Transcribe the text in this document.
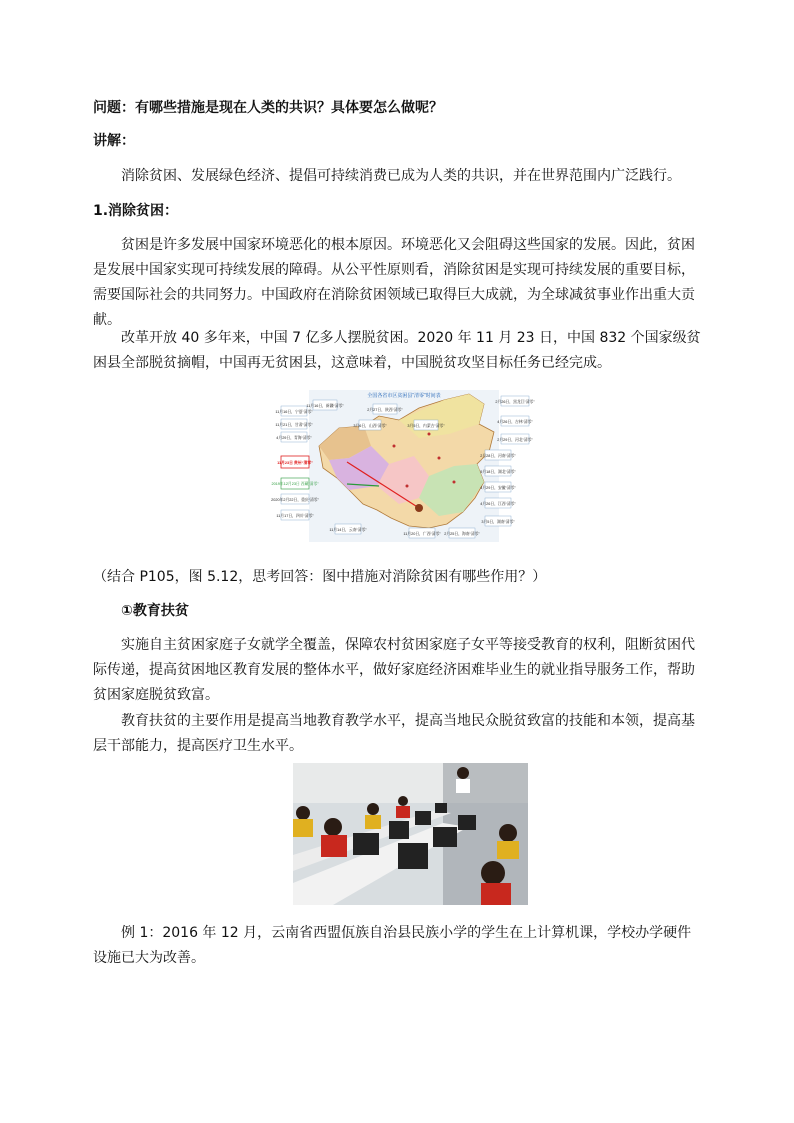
问题：有哪些措施是现在人类的共识？具体要怎么做呢？

讲解：

消除贫困、发展绿色经济、提倡可持续消费已成为人类的共识，并在世界范围内广泛践行。

1.消除贫困：

贫困是许多发展中国家环境恶化的根本原因。环境恶化又会阻碍这些国家的发展。因此，贫困是发展中国家实现可持续发展的障碍。从公平性原则看，消除贫困是实现可持续发展的重要目标，需要国际社会的共同努力。中国政府在消除贫困领域已取得巨大成就，为全球减贫事业作出重大贡献。

改革开放 40 多年来，中国 7 亿多人摆脱贫困。2020 年 11 月 23 日，中国 832 个国家级贫困县全部脱贫摘帽，中国再无贫困县，这意味着，中国脱贫攻坚目标任务已经完成。

全国各省市区贫困县“清零”时间表
11月16日，宁夏“清零”
11月21日，甘肃“清零”
4月29日，青海“清零”
11月23日 贵州“清零”
2019年12月23日 西藏“清零”
2020年2月22日，重庆“清零”
11月17日，四川“清零”
11月16日，新疆“清零”
2月27日，陕西“清零”
3月6日，山西“清零”	3月5日，内蒙古“清零”
2月26日，黑龙江“清零”
4月26日，吉林“清零”
2月29日，河北“清零”
2月28日，河南“清零”
5月18日，湖北“清零”
4月29日，安徽“清零”
4月26日，江西“清零”
3月5日，湖南“清零”
11月14日，云南“清零”
11月20日，广西“清零” 2月25日，海南“清零”

（结合 P105，图 5.12，思考回答：图中措施对消除贫困有哪些作用？）

①教育扶贫

实施自主贫困家庭子女就学全覆盖，保障农村贫困家庭子女平等接受教育的权利，阻断贫困代际传递，提高贫困地区教育发展的整体水平，做好家庭经济困难毕业生的就业指导服务工作，帮助贫困家庭脱贫致富。

教育扶贫的主要作用是提高当地教育教学水平，提高当地民众脱贫致富的技能和本领，提高基层干部能力，提高医疗卫生水平。

例 1：2016 年 12 月，云南省西盟佤族自治县民族小学的学生在上计算机课，学校办学硬件设施已大为改善。
